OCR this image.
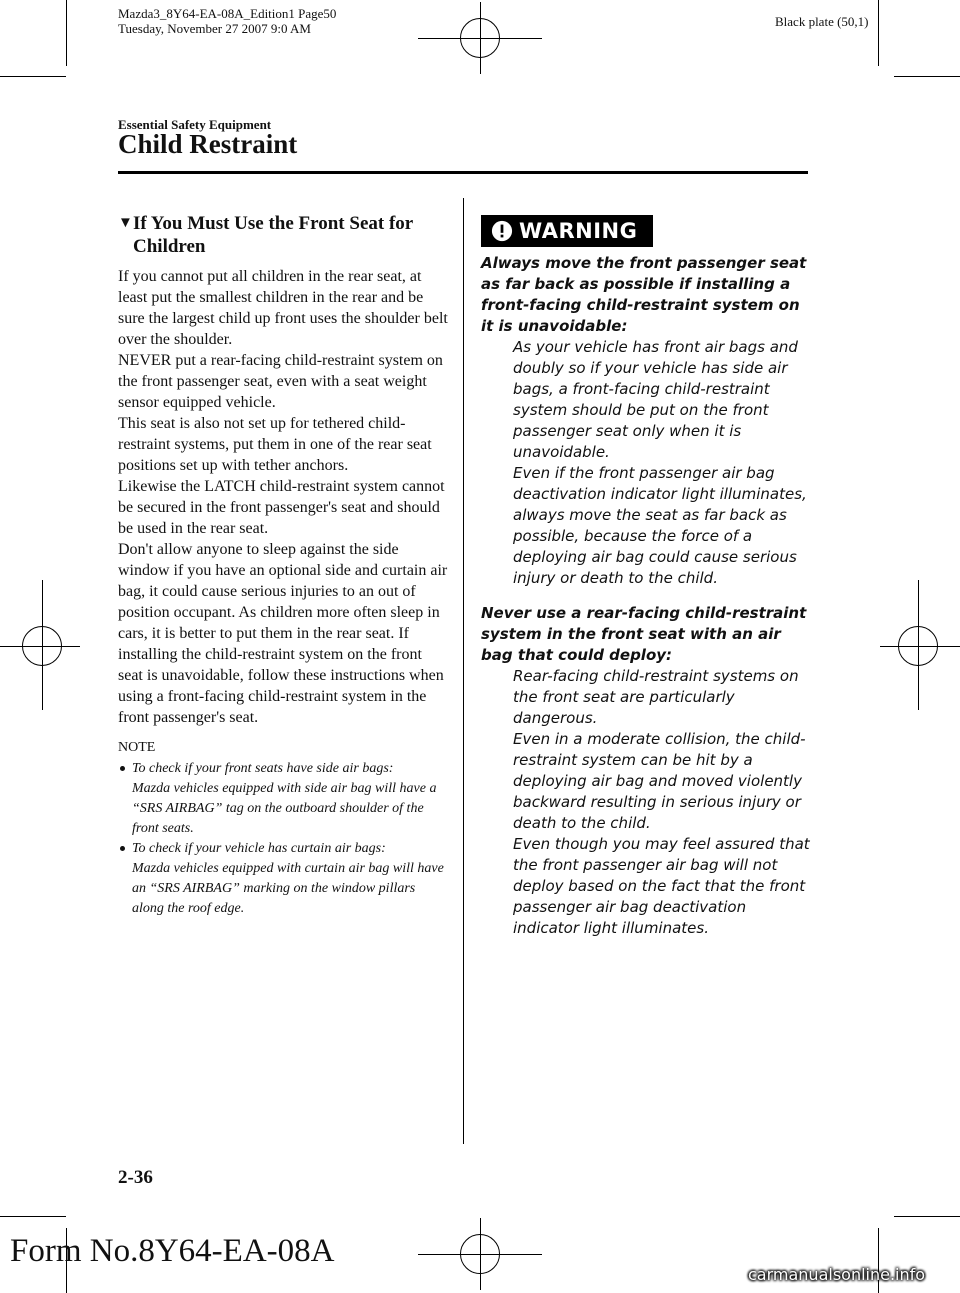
Mazda3_8Y64-EA-08A_Edition1 Page50
Tuesday, November 27 2007 9:0 AM	Black plate (50,1)
Essential Safety Equipment
Child Restraint
▼ If You Must Use the Front Seat for Children

If you cannot put all children in the rear seat, at least put the smallest children in the rear and be sure the largest child up front uses the shoulder belt over the shoulder.

NEVER put a rear-facing child-restraint system on the front passenger seat, even with a seat weight sensor equipped vehicle.

This seat is also not set up for tethered child-restraint systems, put them in one of the rear seat positions set up with tether anchors.

Likewise the LATCH child-restraint system cannot be secured in the front passenger's seat and should be used in the rear seat.

Don't allow anyone to sleep against the side window if you have an optional side and curtain air bag, it could cause serious injuries to an out of position occupant. As children more often sleep in cars, it is better to put them in the rear seat. If installing the child-restraint system on the front seat is unavoidable, follow these instructions when using a front-facing child-restraint system in the front passenger's seat.

NOTE
To check if your front seats have side air bags:
Mazda vehicles equipped with side air bag will have a “SRS AIRBAG” tag on the outboard shoulder of the front seats.
To check if your vehicle has curtain air bags:
Mazda vehicles equipped with curtain air bag will have an “SRS AIRBAG” marking on the window pillars along the roof edge.
WARNING

Always move the front passenger seat as far back as possible if installing a front-facing child-restraint system on it is unavoidable:

As your vehicle has front air bags and doubly so if your vehicle has side air bags, a front-facing child-restraint system should be put on the front passenger seat only when it is unavoidable.

Even if the front passenger air bag deactivation indicator light illuminates, always move the seat as far back as possible, because the force of a deploying air bag could cause serious injury or death to the child.

Never use a rear-facing child-restraint system in the front seat with an air bag that could deploy:

Rear-facing child-restraint systems on the front seat are particularly dangerous.

Even in a moderate collision, the child-restraint system can be hit by a deploying air bag and moved violently backward resulting in serious injury or death to the child.

Even though you may feel assured that the front passenger air bag will not deploy based on the fact that the front passenger air bag deactivation indicator light illuminates.

2-36
Form No.8Y64-EA-08A
carmanualsonline.info
